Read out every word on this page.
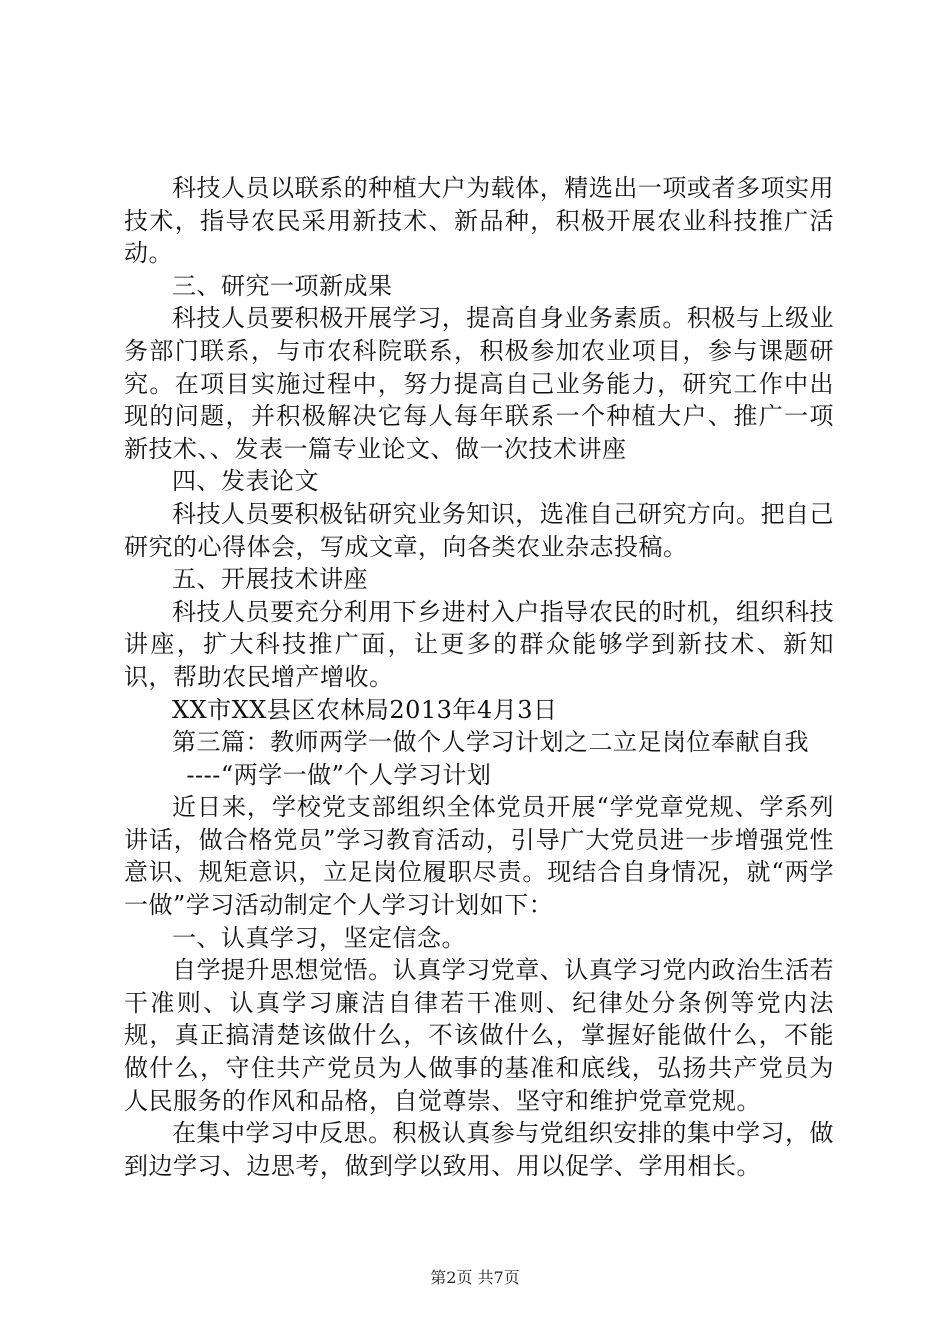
科技人员以联系的种植大户为载体，精选出一项或者多项实用技术，指导农民采用新技术、新品种，积极开展农业科技推广活动。

三、研究一项新成果

科技人员要积极开展学习，提高自身业务素质。积极与上级业务部门联系，与市农科院联系，积极参加农业项目，参与课题研究。在项目实施过程中，努力提高自己业务能力，研究工作中出现的问题，并积极解决它每人每年联系一个种植大户、推广一项新技术、、发表一篇专业论文、做一次技术讲座

四、发表论文

科技人员要积极钻研究业务知识，选准自己研究方向。把自己研究的心得体会，写成文章，向各类农业杂志投稿。

五、开展技术讲座

科技人员要充分利用下乡进村入户指导农民的时机，组织科技讲座，扩大科技推广面，让更多的群众能够学到新技术、新知识，帮助农民增产增收。

XX市XX县区农林局2013年4月3日

第三篇：教师两学一做个人学习计划之二立足岗位奉献自我

----“两学一做”个人学习计划

近日来，学校党支部组织全体党员开展“学党章党规、学系列讲话，做合格党员”学习教育活动，引导广大党员进一步增强党性意识、规矩意识，立足岗位履职尽责。现结合自身情况，就“两学一做”学习活动制定个人学习计划如下：

一、认真学习，坚定信念。

自学提升思想觉悟。认真学习党章、认真学习党内政治生活若干准则、认真学习廉洁自律若干准则、纪律处分条例等党内法规，真正搞清楚该做什么，不该做什么，掌握好能做什么，不能做什么，守住共产党员为人做事的基准和底线，弘扬共产党员为人民服务的作风和品格，自觉尊崇、坚守和维护党章党规。

在集中学习中反思。积极认真参与党组织安排的集中学习，做到边学习、边思考，做到学以致用、用以促学、学用相长。

第2页 共7页
